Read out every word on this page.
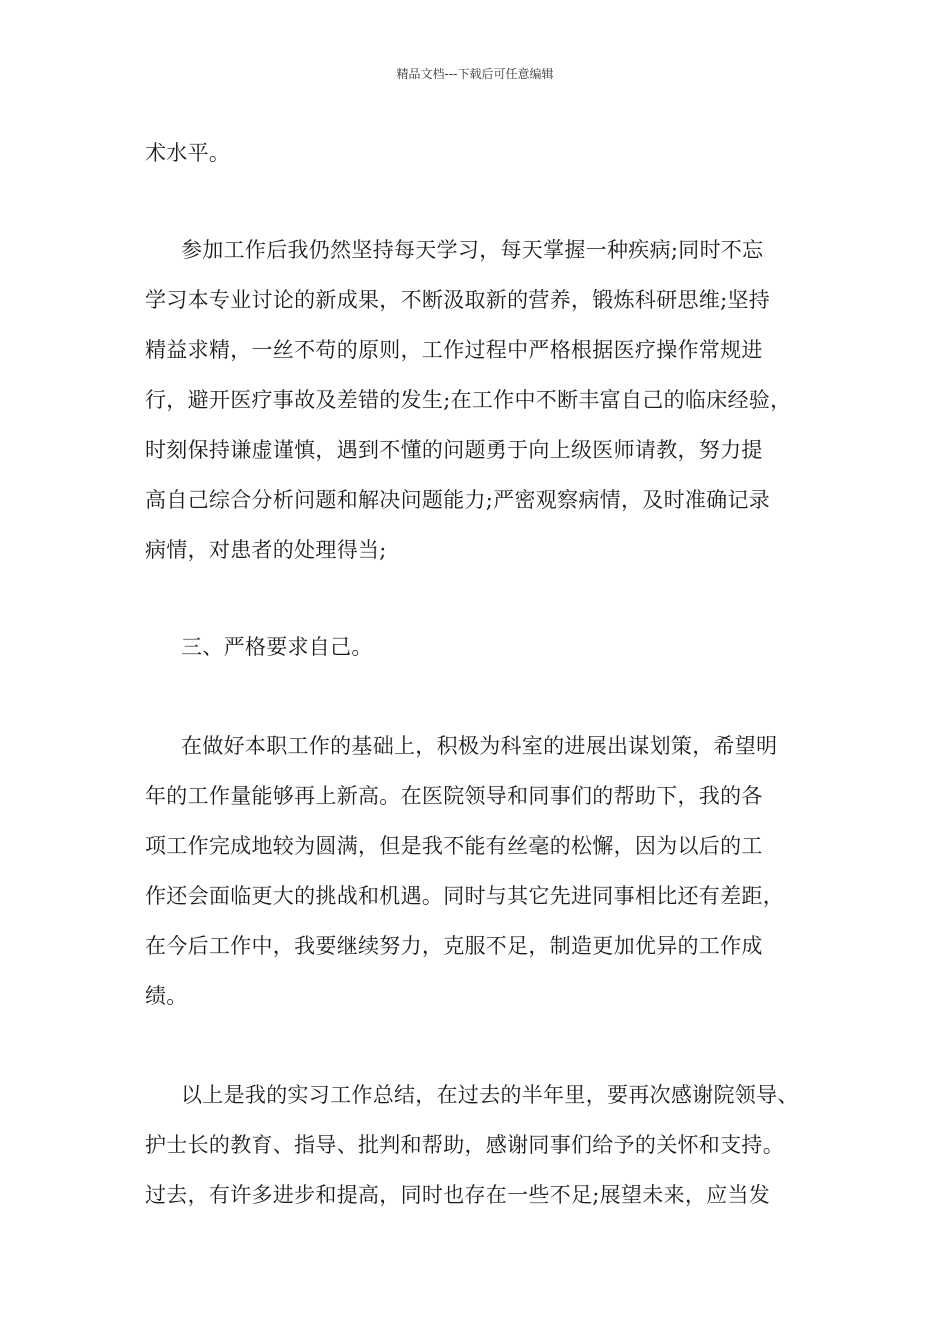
精品文档---下载后可任意编辑
术水平。
参加工作后我仍然坚持每天学习，每天掌握一种疾病;同时不忘
学习本专业讨论的新成果，不断汲取新的营养，锻炼科研思维;坚持
精益求精，一丝不苟的原则，工作过程中严格根据医疗操作常规进
行，避开医疗事故及差错的发生;在工作中不断丰富自己的临床经验，
时刻保持谦虚谨慎，遇到不懂的问题勇于向上级医师请教，努力提
高自己综合分析问题和解决问题能力;严密观察病情，及时准确记录
病情，对患者的处理得当;
三、严格要求自己。
在做好本职工作的基础上，积极为科室的进展出谋划策，希望明
年的工作量能够再上新高。在医院领导和同事们的帮助下，我的各
项工作完成地较为圆满，但是我不能有丝毫的松懈，因为以后的工
作还会面临更大的挑战和机遇。同时与其它先进同事相比还有差距，
在今后工作中，我要继续努力，克服不足，制造更加优异的工作成
绩。
以上是我的实习工作总结，在过去的半年里，要再次感谢院领导、
护士长的教育、指导、批判和帮助，感谢同事们给予的关怀和支持。
过去，有许多进步和提高，同时也存在一些不足;展望未来，应当发
